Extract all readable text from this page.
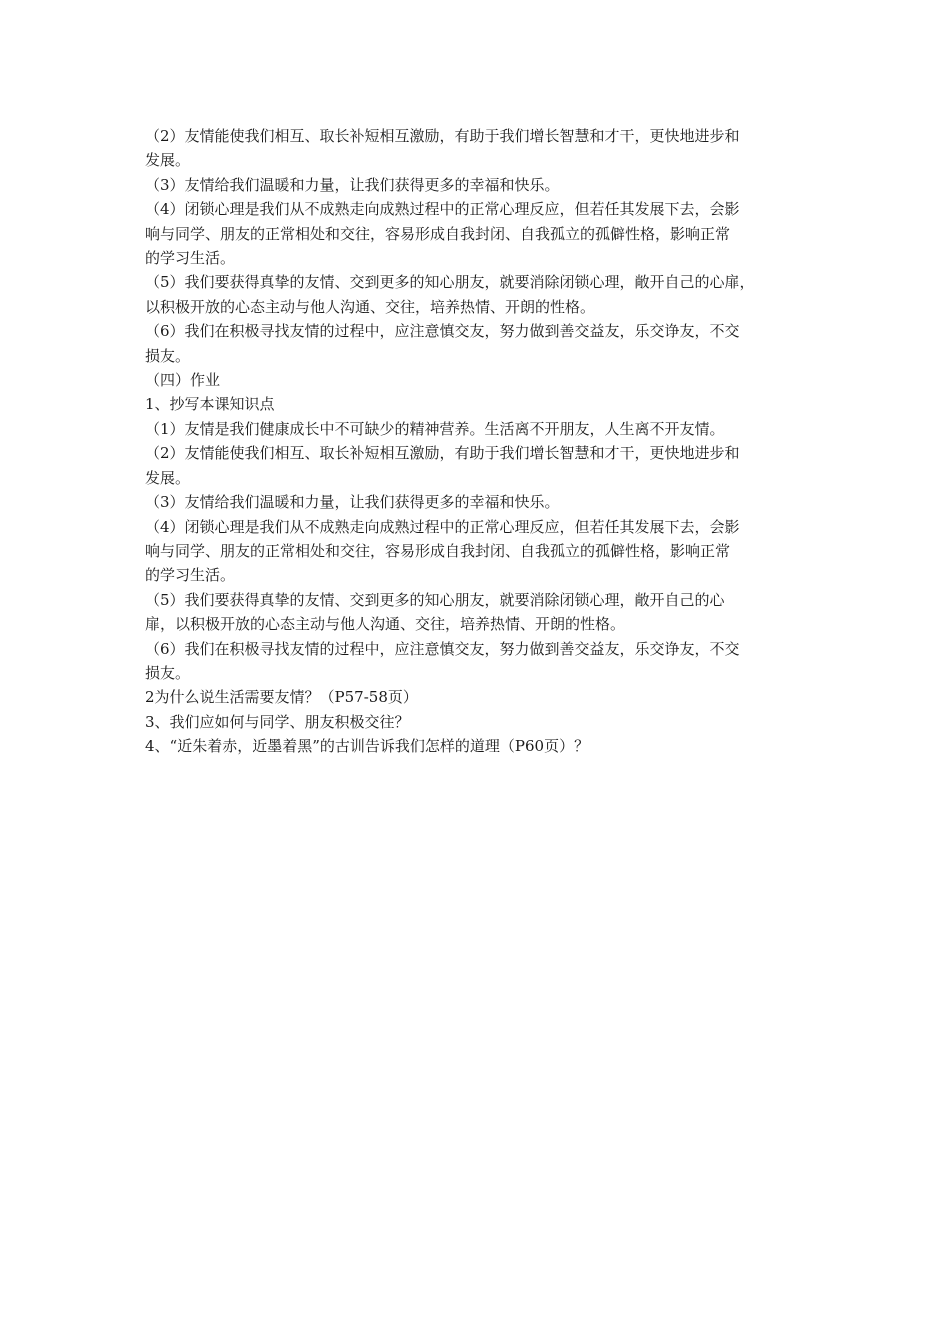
（2）友情能使我们相互、取长补短相互激励，有助于我们增长智慧和才干，更快地进步和
发展。

（3）友情给我们温暖和力量，让我们获得更多的幸福和快乐。

（4）闭锁心理是我们从不成熟走向成熟过程中的正常心理反应，但若任其发展下去，会影
响与同学、朋友的正常相处和交往，容易形成自我封闭、自我孤立的孤僻性格，影响正常
的学习生活。

（5）我们要获得真挚的友情、交到更多的知心朋友，就要消除闭锁心理，敞开自己的心扉，
以积极开放的心态主动与他人沟通、交往，培养热情、开朗的性格。

（6）我们在积极寻找友情的过程中，应注意慎交友，努力做到善交益友，乐交诤友，不交
损友。

（四）作业

1、抄写本课知识点

（1）友情是我们健康成长中不可缺少的精神营养。生活离不开朋友，人生离不开友情。

（2）友情能使我们相互、取长补短相互激励，有助于我们增长智慧和才干，更快地进步和
发展。

（3）友情给我们温暖和力量，让我们获得更多的幸福和快乐。

（4）闭锁心理是我们从不成熟走向成熟过程中的正常心理反应，但若任其发展下去，会影
响与同学、朋友的正常相处和交往，容易形成自我封闭、自我孤立的孤僻性格，影响正常
的学习生活。

（5）我们要获得真挚的友情、交到更多的知心朋友，就要消除闭锁心理，敞开自己的心
扉，以积极开放的心态主动与他人沟通、交往，培养热情、开朗的性格。

（6）我们在积极寻找友情的过程中，应注意慎交友，努力做到善交益友，乐交诤友，不交
损友。

2为什么说生活需要友情？（P57-58页）

3、我们应如何与同学、朋友积极交往？

4、“近朱着赤，近墨着黑”的古训告诉我们怎样的道理（P60页）？
